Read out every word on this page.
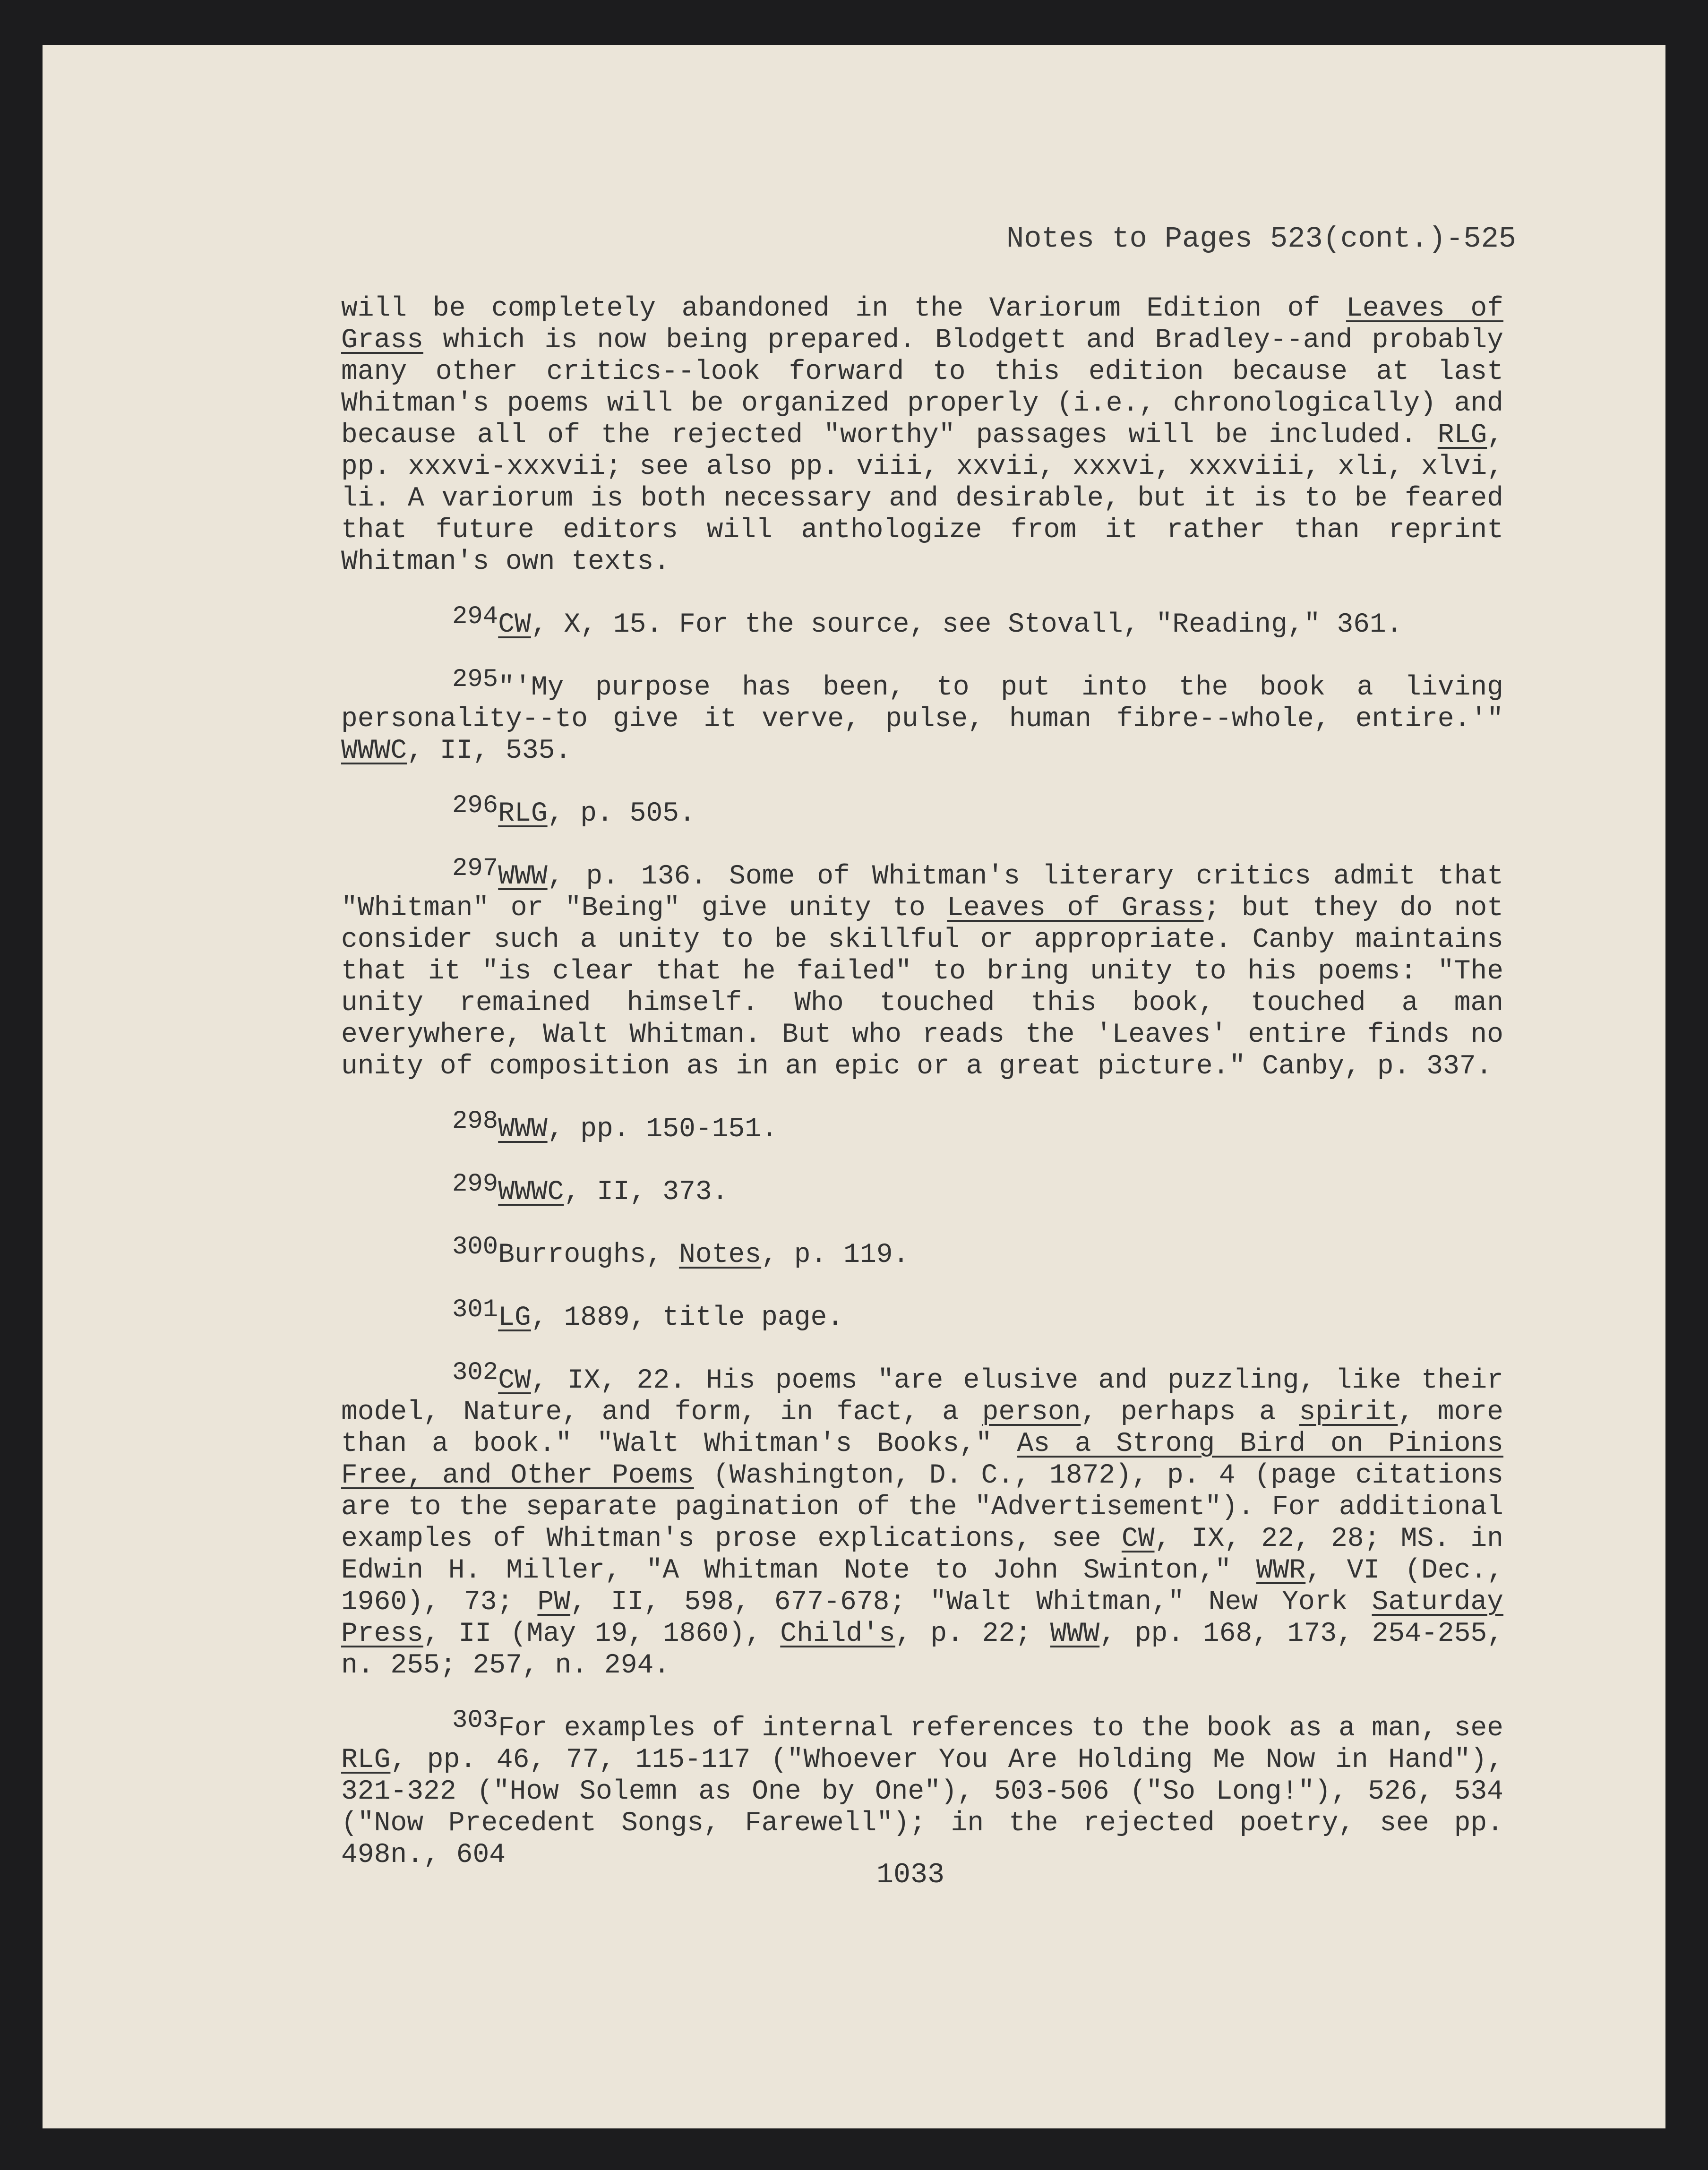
Notes to Pages 523(cont.)-525

will be completely abandoned in the Variorum Edition of Leaves of Grass which is now being prepared. Blodgett and Bradley--and probably many other critics--look forward to this edition because at last Whitman's poems will be organized properly (i.e., chronologically) and because all of the rejected "worthy" passages will be included. RLG, pp. xxxvi-xxxvii; see also pp. viii, xxvii, xxxvi, xxxviii, xli, xlvi, li. A variorum is both necessary and desirable, but it is to be feared that future editors will anthologize from it rather than reprint Whitman's own texts.

$^{294}$CW, X, 15. For the source, see Stovall, "Reading," 361.

$^{295}$"'My purpose has been, to put into the book a living personality--to give it verve, pulse, human fibre--whole, entire.'" WWWC, II, 535.

$^{296}$RLG, p. 505.

$^{297}$WWW, p. 136. Some of Whitman's literary critics admit that "Whitman" or "Being" give unity to Leaves of Grass; but they do not consider such a unity to be skillful or appropriate. Canby maintains that it "is clear that he failed" to bring unity to his poems: "The unity remained himself. Who touched this book, touched a man everywhere, Walt Whitman. But who reads the 'Leaves' entire finds no unity of composition as in an epic or a great picture." Canby, p. 337.

$^{298}$WWW, pp. 150-151.

$^{299}$WWWC, II, 373.

$^{300}$Burroughs, Notes, p. 119.

$^{301}$LG, 1889, title page.

$^{302}$CW, IX, 22. His poems "are elusive and puzzling, like their model, Nature, and form, in fact, a person, perhaps a spirit, more than a book." "Walt Whitman's Books," As a Strong Bird on Pinions Free, and Other Poems (Washington, D. C., 1872), p. 4 (page citations are to the separate pagination of the "Advertisement"). For additional examples of Whitman's prose explications, see CW, IX, 22, 28; MS. in Edwin H. Miller, "A Whitman Note to John Swinton," WWR, VI (Dec., 1960), 73; PW, II, 598, 677-678; "Walt Whitman," New York Saturday Press, II (May 19, 1860), Child's, p. 22; WWW, pp. 168, 173, 254-255, n. 255; 257, n. 294.

$^{303}$For examples of internal references to the book as a man, see RLG, pp. 46, 77, 115-117 ("Whoever You Are Holding Me Now in Hand"), 321-322 ("How Solemn as One by One"), 503-506 ("So Long!"), 526, 534 ("Now Precedent Songs, Farewell"); in the rejected poetry, see pp. 498n., 604

1033
